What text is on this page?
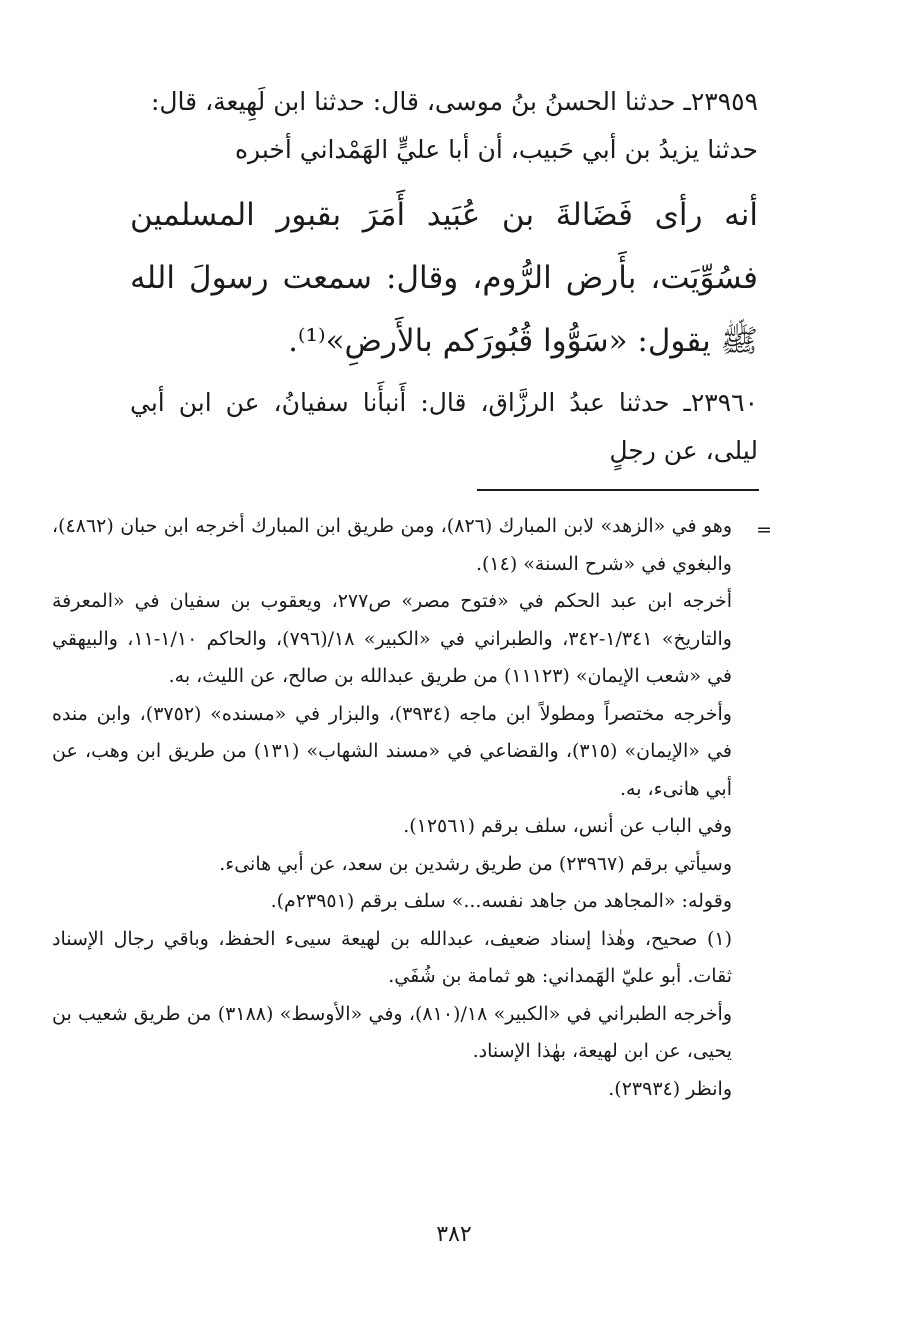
٢٣٩٥٩ـ حدثنا الحسنُ بنُ موسى، قال: حدثنا ابن لَهِيعة، قال:

حدثنا يزيدُ بن أبي حَبيب، أن أبا عليٍّ الهَمْداني أخبره

أنه رأى فَضَالةَ بن عُبَيد أَمَرَ بقبور المسلمين فسُوِّيَت، بأَرض الرُّوم، وقال: سمعت رسولَ الله ﷺ يقول: «سَوُّوا قُبُورَكم بالأَرضِ»⁽¹⁾.

٢٣٩٦٠ـ حدثنا عبدُ الرزَّاق، قال: أَنبأَنا سفيانُ، عن ابن أبي ليلى، عن رجلٍ

=

وهو في «الزهد» لابن المبارك (٨٢٦)، ومن طريق ابن المبارك أخرجه ابن حبان (٤٨٦٢)، والبغوي في «شرح السنة» (١٤).

أخرجه ابن عبد الحكم في «فتوح مصر» ص٢٧٧، ويعقوب بن سفيان في «المعرفة والتاريخ» ١/٣٤١-٣٤٢، والطبراني في «الكبير» ١٨/(٧٩٦)، والحاكم ١/١٠-١١، والبيهقي في «شعب الإيمان» (١١١٢٣) من طريق عبدالله بن صالح، عن الليث، به.

وأخرجه مختصراً ومطولاً ابن ماجه (٣٩٣٤)، والبزار في «مسنده» (٣٧٥٢)، وابن منده في «الإيمان» (٣١٥)، والقضاعي في «مسند الشهاب» (١٣١) من طريق ابن وهب، عن أبي هانىء، به.

وفي الباب عن أنس، سلف برقم (١٢٥٦١).

وسيأتي برقم (٢٣٩٦٧) من طريق رشدين بن سعد، عن أبي هانىء.

وقوله: «المجاهد من جاهد نفسه...» سلف برقم (٢٣٩٥١م).

(١) صحيح، وهٰذا إسناد ضعيف، عبدالله بن لهيعة سيىء الحفظ، وباقي رجال الإسناد ثقات. أبو عليّ الهَمداني: هو ثمامة بن شُفَي.

وأخرجه الطبراني في «الكبير» ١٨/(٨١٠)، وفي «الأوسط» (٣١٨٨) من طريق شعيب بن يحيى، عن ابن لهيعة، بهٰذا الإسناد.

وانظر (٢٣٩٣٤).

٣٨٢
